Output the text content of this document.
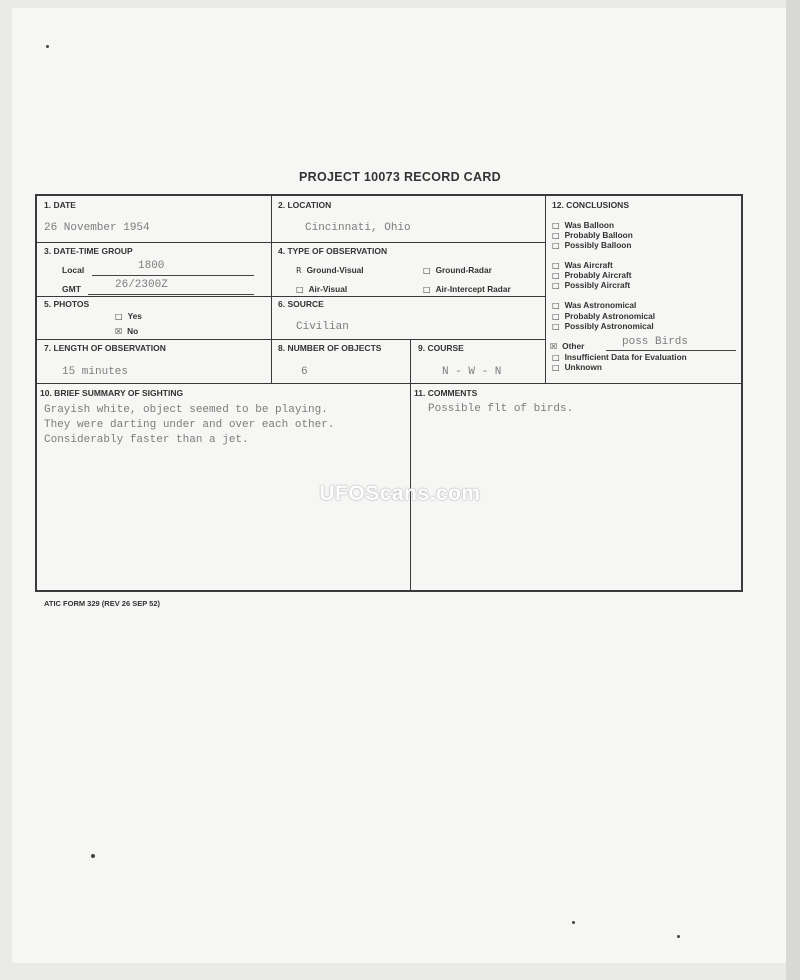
PROJECT 10073 RECORD CARD
1. DATE
26 November 1954
2. LOCATION
Cincinnati, Ohio
3. DATE-TIME GROUP
Local	1800
GMT	26/2300Z
4. TYPE OF OBSERVATION
R Ground-Visual	□ Ground-Radar
□ Air-Visual	□ Air-Intercept Radar
5. PHOTOS
□ Yes
☒ No
6. SOURCE
Civilian
7. LENGTH OF OBSERVATION
15 minutes
8. NUMBER OF OBJECTS
6
9. COURSE
N - W - N
10. BRIEF SUMMARY OF SIGHTING
Grayish white, object seemed to be playing.
They were darting under and over each other.
Considerably faster than a jet.
11. COMMENTS
Possible flt of birds.
12. CONCLUSIONS
□ Was Balloon
□ Probably Balloon
□ Possibly Balloon
□ Was Aircraft
□ Probably Aircraft
□ Possibly Aircraft
□ Was Astronomical
□ Probably Astronomical
□ Possibly Astronomical
☒ Other	poss Birds
□ Insufficient Data for Evaluation
□ Unknown
ATIC FORM 329 (REV 26 SEP 52)
UFOScans.com
